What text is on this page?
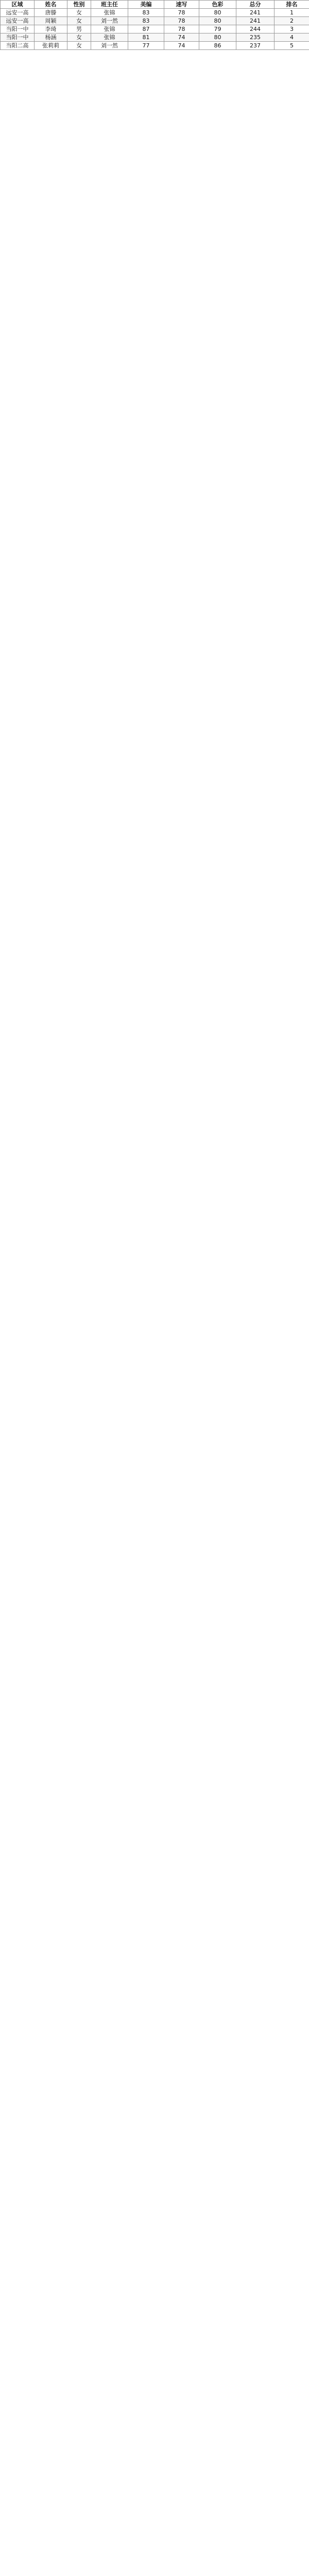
区域	姓名	性别	班主任	美编	速写	色彩	总分	排名
远安一高	唐滕	女	张锦	83	78	80	241	1
远安一高	周颖	女	刘一然	83	78	80	241	2
当阳一中	李琦	男	张锦	87	78	79	244	3
当阳一中	杨涵	女	张锦	81	74	80	235	4
当阳二高	张莉莉	女	刘一然	77	74	86	237	5
